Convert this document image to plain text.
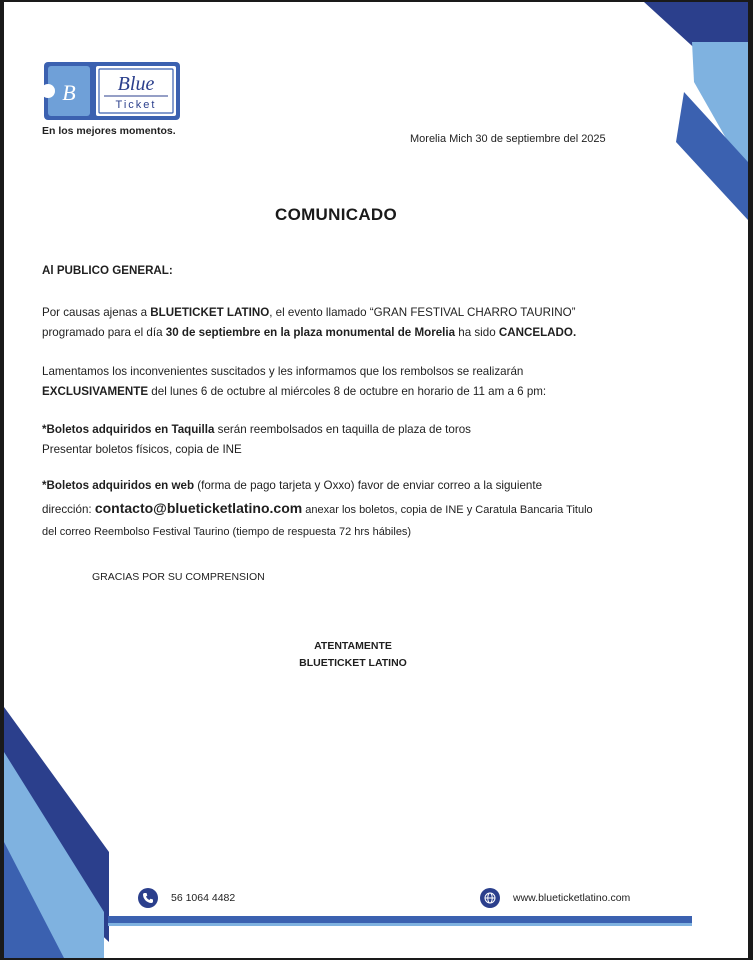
B Blue
Ticket
En los mejores momentos.
Morelia Mich 30 de septiembre del 2025
COMUNICADO
Al PUBLICO GENERAL:
Por causas ajenas a BLUETICKET LATINO, el evento llamado “GRAN FESTIVAL CHARRO TAURINO”
programado para el día 30 de septiembre en la plaza monumental de Morelia ha sido CANCELADO.
Lamentamos los inconvenientes suscitados y les informamos que los rembolsos se realizarán
EXCLUSIVAMENTE del lunes 6 de octubre al miércoles 8 de octubre en horario de 11 am a 6 pm:
*Boletos adquiridos en Taquilla serán reembolsados en taquilla de plaza de toros
Presentar boletos físicos, copia de INE
*Boletos adquiridos en web (forma de pago tarjeta y Oxxo) favor de enviar correo a la siguiente
dirección: contacto@blueticketlatino.com anexar los boletos, copia de INE y Caratula Bancaria Titulo
del correo Reembolso Festival Taurino (tiempo de respuesta 72 hrs hábiles)
GRACIAS POR SU COMPRENSION
ATENTAMENTE
BLUETICKET LATINO
56 1064 4482	www.blueticketlatino.com
